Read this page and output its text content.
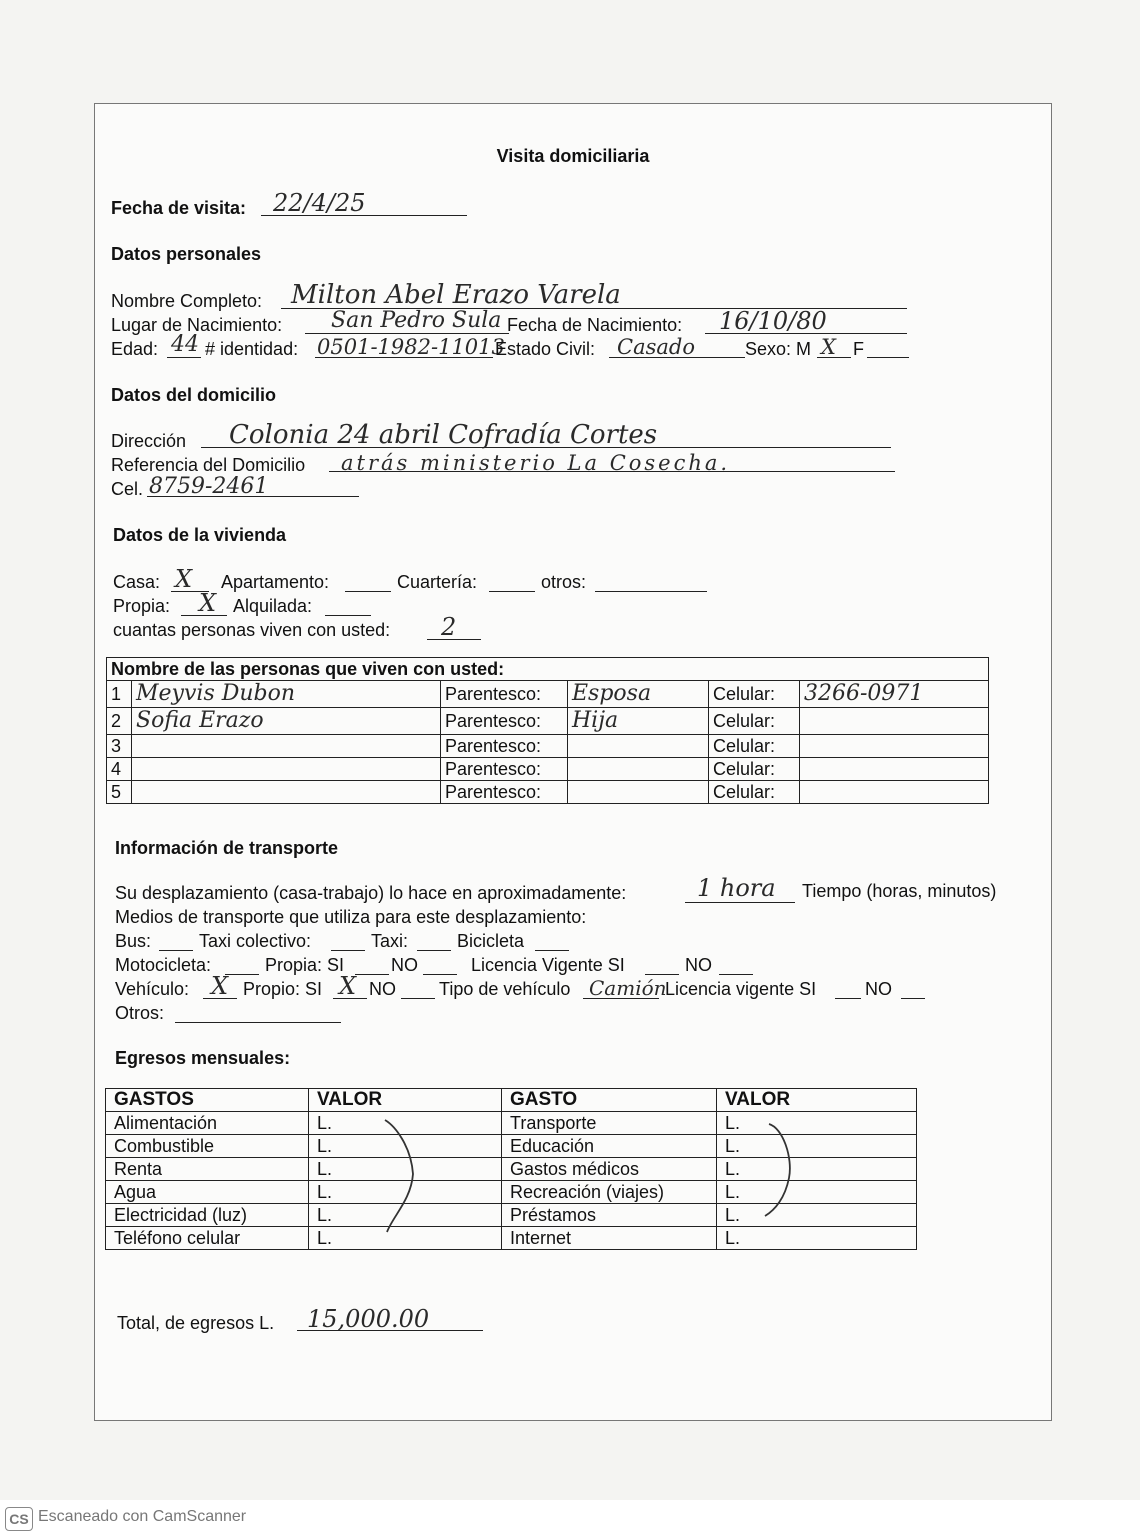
Visita domiciliaria
Fecha de visita: 22/4/25
Datos personales
Nombre Completo: Milton Abel Erazo Varela
Lugar de Nacimiento: San Pedro Sula Fecha de Nacimiento: 16/10/80
Edad: 44 # identidad: 0501-1982-11013
Estado Civil: Casado	Sexo: M X F
Datos del domicilio
Dirección Colonia 24 abril Cofradía Cortes
Referencia del Domicilio atrás ministerio La Cosecha.
Cel. 8759-2461
Datos de la vivienda
Casa: X Apartamento:	Cuartería:	otros:
Propia: X Alquilada:
cuantas personas viven con usted: 2
Nombre de las personas que viven con usted:					
1	Meyvis Dubon	Parentesco:	Esposa	Celular:	3266-0971
2	Sofia Erazo	Parentesco:	Hija	Celular:	
3		Parentesco:		Celular:	
4		Parentesco:		Celular:	
5		Parentesco:		Celular:	
Información de transporte
Su desplazamiento (casa-trabajo) lo hace en aproximadamente:	1 hora Tiempo (horas, minutos)
Medios de transporte que utiliza para este desplazamiento:
Bus:	Taxi colectivo:	Taxi:	Bicicleta
Motocicleta:	Propia: SI	NO	Licencia Vigente SI	NO
Vehículo: X Propio: SI X NO Tipo de vehículo Camión
Licencia vigente SI	NO
Otros:
Egresos mensuales:
GASTOS	VALOR	GASTO	VALOR
Alimentación	L.	Transporte	L.
Combustible	L.	Educación	L.
Renta	L.	Gastos médicos	L.
Agua	L.	Recreación (viajes)	L.
Electricidad (luz)	L.	Préstamos	L.
Teléfono celular	L.	Internet	L.
Total, de egresos L. 15,000.00
CS Escaneado con CamScanner
